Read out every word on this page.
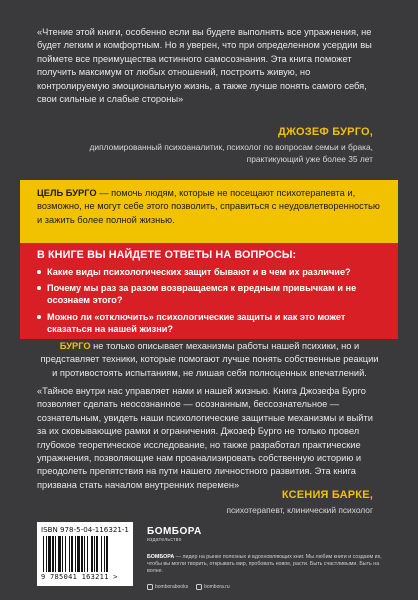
«Чтение этой книги, особенно если вы будете выполнять все упражнения, не будет легким и комфортным. Но я уверен, что при определенном усердии вы поймете все преимущества истинного самосознания. Эта книга поможет получить максимум от любых отношений, построить живую, но контролируемую эмоциональную жизнь, а также лучше понять самого себя, свои сильные и слабые стороны»

ДЖОЗЕФ БУРГО,
дипломированный психоаналитик, психолог по вопросам семьи и брака, практикующий уже более 35 лет
ЦЕЛЬ БУРГО — помочь людям, которые не посещают психотерапевта и, возможно, не могут себе этого позволить, справиться с неудовлетворенностью и зажить более полной жизнью.
В КНИГЕ ВЫ НАЙДЕТЕ ОТВЕТЫ НА ВОПРОСЫ:
Какие виды психологических защит бывают и в чем их различие?
Почему мы раз за разом возвращаемся к вредным привычкам и не осознаем этого?
Можно ли «отключить» психологические защиты и как это может сказаться на нашей жизни?

БУРГО не только описывает механизмы работы нашей психики, но и представляет техники, которые помогают лучше понять собственные реакции и противостоять испытаниям, не лишая себя полноценных впечатлений.

«Тайное внутри нас управляет нами и нашей жизнью. Книга Джозефа Бурго позволяет сделать неосознанное — осознанным, бессознательное — сознательным, увидеть наши психологические защитные механизмы и выйти за их сковывающие рамки и ограничения. Джозеф Бурго не только провел глубокое теоретическое исследование, но также разработал практические упражнения, позволяющие нам проанализировать собственную историю и преодолеть препятствия на пути нашего личностного развития. Эта книга призвана стать началом внутренних перемен»

КСЕНИЯ БАРКЕ,
психотерапевт, клинический психолог
ISBN 978-5-04-116321-1
9 785041 163211 >
БОМБОРА
издательство

БОМБОРА — лидер на рынке полезных и вдохновляющих книг. Мы любим книги и создаем их, чтобы вы могли творить, открывать мир, пробовать новое, расти. Быть счастливыми. Быть на волне.

bomborabooks	bombora.ru
